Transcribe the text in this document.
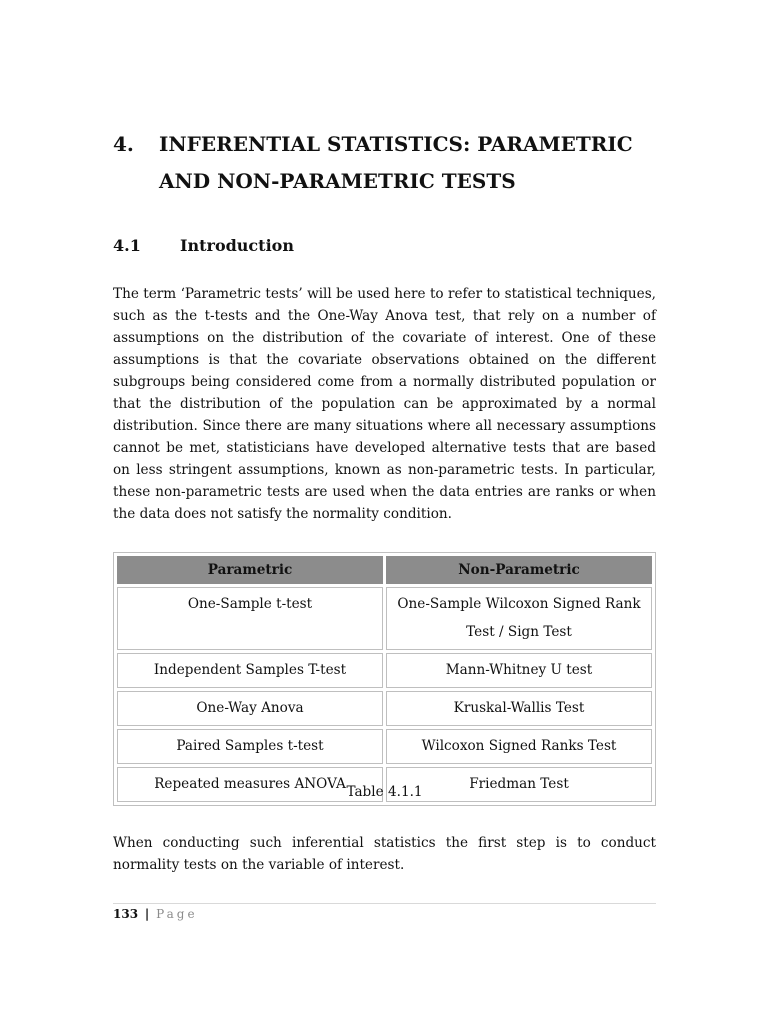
4. INFERENTIAL STATISTICS: PARAMETRIC AND NON-PARAMETRIC TESTS
4.1 Introduction

The term ‘Parametric tests’ will be used here to refer to statistical techniques, such as the t-tests and the One-Way Anova test, that rely on a number of assumptions on the distribution of the covariate of interest. One of these assumptions is that the covariate observations obtained on the different subgroups being considered come from a normally distributed population or that the distribution of the population can be approximated by a normal distribution. Since there are many situations where all necessary assumptions cannot be met, statisticians have developed alternative tests that are based on less stringent assumptions, known as non-parametric tests. In particular, these non-parametric tests are used when the data entries are ranks or when the data does not satisfy the normality condition.

Parametric	Non-Parametric
One-Sample t-test	One-Sample Wilcoxon Signed Rank Test / Sign Test
Independent Samples T-test	Mann-Whitney U test
One-Way Anova	Kruskal-Wallis Test
Paired Samples t-test	Wilcoxon Signed Ranks Test
Repeated measures ANOVA	Friedman Test
Table 4.1.1

When conducting such inferential statistics the first step is to conduct normality tests on the variable of interest.

133 | Page
